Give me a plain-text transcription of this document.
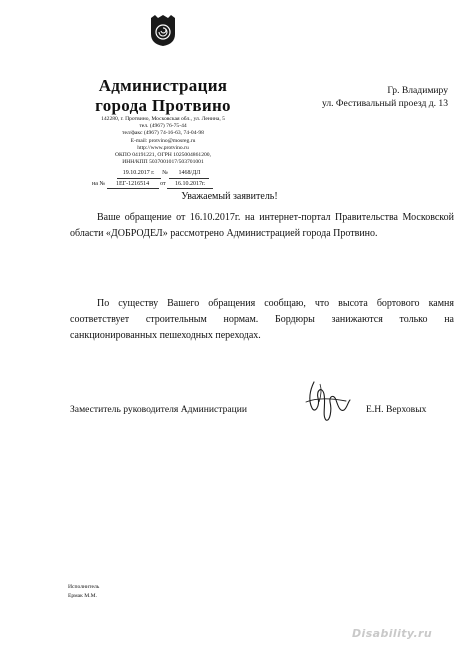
Администрация
города Протвино
142280, г. Протвино, Московская обл., ул. Ленина, 5
тел. (4967) 76-75-44
тел/факс (4967) 74-16-63, 74-04-98
E-mail: protvino@mosreg.ru
http://www.protvino.ru
ОКПО 04191221, ОГРН 1025004861200,
ИНН/КПП 5037001017/503701001
19.10.2017 г. № 1468/ДЛ
на № 1ЕГ-1216514 от 16.10.2017г.
Гр. Владимиру
ул. Фестивальный проезд д. 13
Уважаемый заявитель!

Ваше обращение от 16.10.2017г. на интернет-портал Правительства Московской области «ДОБРОДЕЛ» рассмотрено Администрацией города Протвино.

По существу Вашего обращения сообщаю, что высота бортового камня соответствует строительным нормам. Бордюры занижаются только на санкционированных пешеходных переходах.

Заместитель руководителя Администрации	Е.Н. Верховых
Исполнитель
Ермак М.М.
Disability.ru
